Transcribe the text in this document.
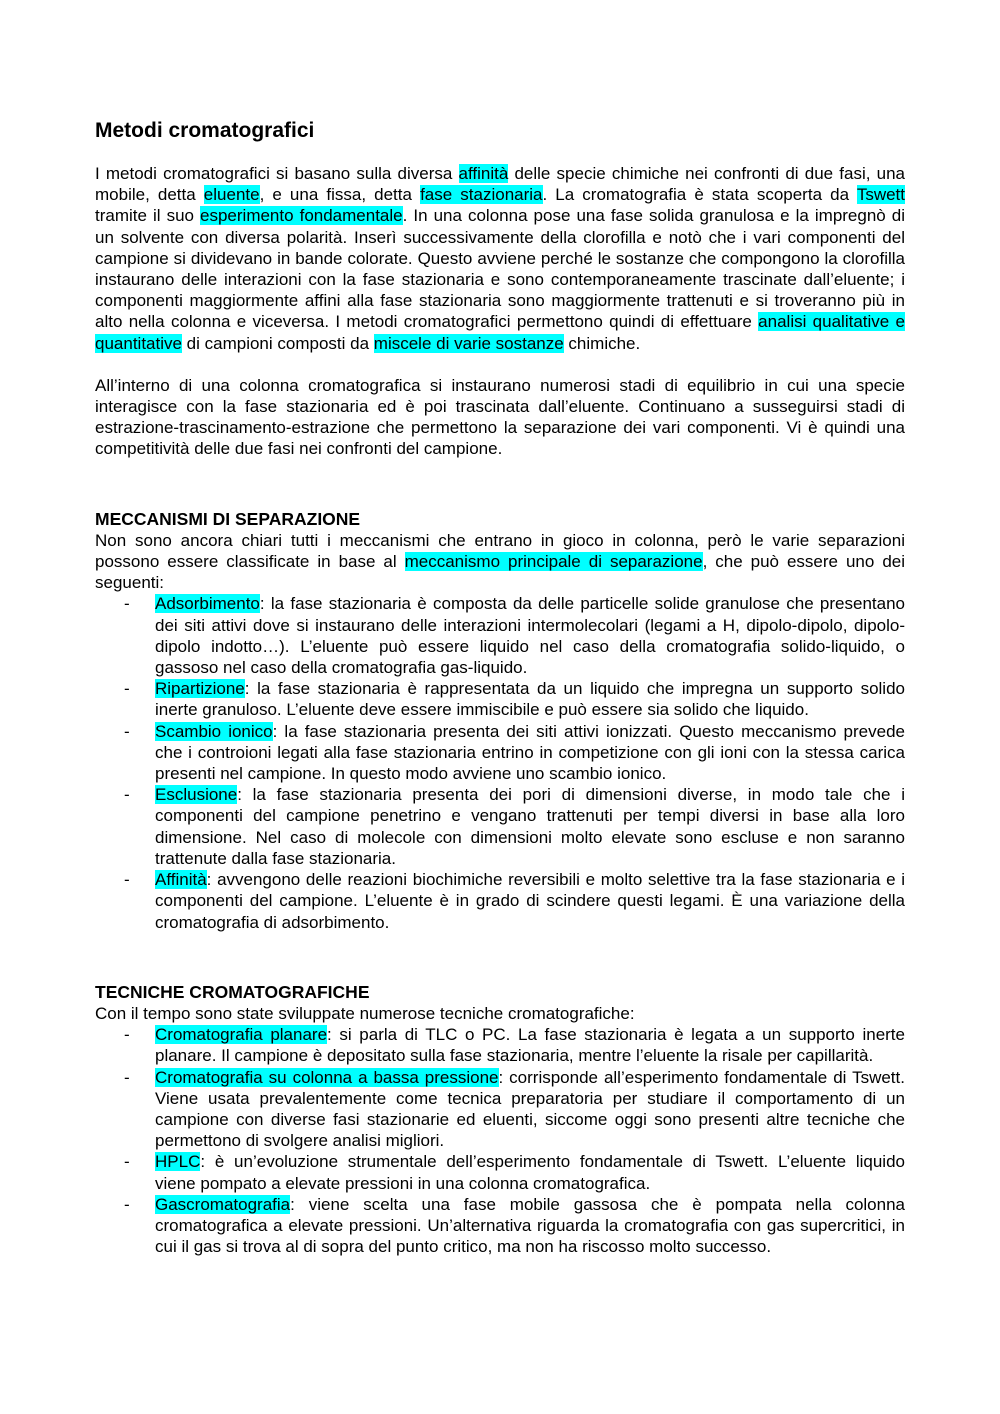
Metodi cromatografici

I metodi cromatografici si basano sulla diversa affinità delle specie chimiche nei confronti di due fasi, una mobile, detta eluente, e una fissa, detta fase stazionaria. La cromatografia è stata scoperta da Tswett tramite il suo esperimento fondamentale. In una colonna pose una fase solida granulosa e la impregnò di un solvente con diversa polarità. Inserì successivamente della clorofilla e notò che i vari componenti del campione si dividevano in bande colorate. Questo avviene perché le sostanze che compongono la clorofilla instaurano delle interazioni con la fase stazionaria e sono contemporaneamente trascinate dall’eluente; i componenti maggiormente affini alla fase stazionaria sono maggiormente trattenuti e si troveranno più in alto nella colonna e viceversa. I metodi cromatografici permettono quindi di effettuare analisi qualitative e quantitative di campioni composti da miscele di varie sostanze chimiche.

All’interno di una colonna cromatografica si instaurano numerosi stadi di equilibrio in cui una specie interagisce con la fase stazionaria ed è poi trascinata dall’eluente. Continuano a susseguirsi stadi di estrazione-trascinamento-estrazione che permettono la separazione dei vari componenti. Vi è quindi una competitività delle due fasi nei confronti del campione.

MECCANISMI DI SEPARAZIONE

Non sono ancora chiari tutti i meccanismi che entrano in gioco in colonna, però le varie separazioni possono essere classificate in base al meccanismo principale di separazione, che può essere uno dei seguenti:

- Adsorbimento: la fase stazionaria è composta da delle particelle solide granulose che presentano dei siti attivi dove si instaurano delle interazioni intermolecolari (legami a H, dipolo-dipolo, dipolo-dipolo indotto…). L’eluente può essere liquido nel caso della cromatografia solido-liquido, o gassoso nel caso della cromatografia gas-liquido.
- Ripartizione: la fase stazionaria è rappresentata da un liquido che impregna un supporto solido inerte granuloso. L’eluente deve essere immiscibile e può essere sia solido che liquido.
- Scambio ionico: la fase stazionaria presenta dei siti attivi ionizzati. Questo meccanismo prevede che i controioni legati alla fase stazionaria entrino in competizione con gli ioni con la stessa carica presenti nel campione. In questo modo avviene uno scambio ionico.
- Esclusione: la fase stazionaria presenta dei pori di dimensioni diverse, in modo tale che i componenti del campione penetrino e vengano trattenuti per tempi diversi in base alla loro dimensione. Nel caso di molecole con dimensioni molto elevate sono escluse e non saranno trattenute dalla fase stazionaria.
- Affinità: avvengono delle reazioni biochimiche reversibili e molto selettive tra la fase stazionaria e i componenti del campione. L’eluente è in grado di scindere questi legami. È una variazione della cromatografia di adsorbimento.
TECNICHE CROMATOGRAFICHE

Con il tempo sono state sviluppate numerose tecniche cromatografiche:

- Cromatografia planare: si parla di TLC o PC. La fase stazionaria è legata a un supporto inerte planare. Il campione è depositato sulla fase stazionaria, mentre l’eluente la risale per capillarità.
- Cromatografia su colonna a bassa pressione: corrisponde all’esperimento fondamentale di Tswett. Viene usata prevalentemente come tecnica preparatoria per studiare il comportamento di un campione con diverse fasi stazionarie ed eluenti, siccome oggi sono presenti altre tecniche che permettono di svolgere analisi migliori.
- HPLC: è un’evoluzione strumentale dell’esperimento fondamentale di Tswett. L’eluente liquido viene pompato a elevate pressioni in una colonna cromatografica.
- Gascromatografia: viene scelta una fase mobile gassosa che è pompata nella colonna cromatografica a elevate pressioni. Un’alternativa riguarda la cromatografia con gas supercritici, in cui il gas si trova al di sopra del punto critico, ma non ha riscosso molto successo.
